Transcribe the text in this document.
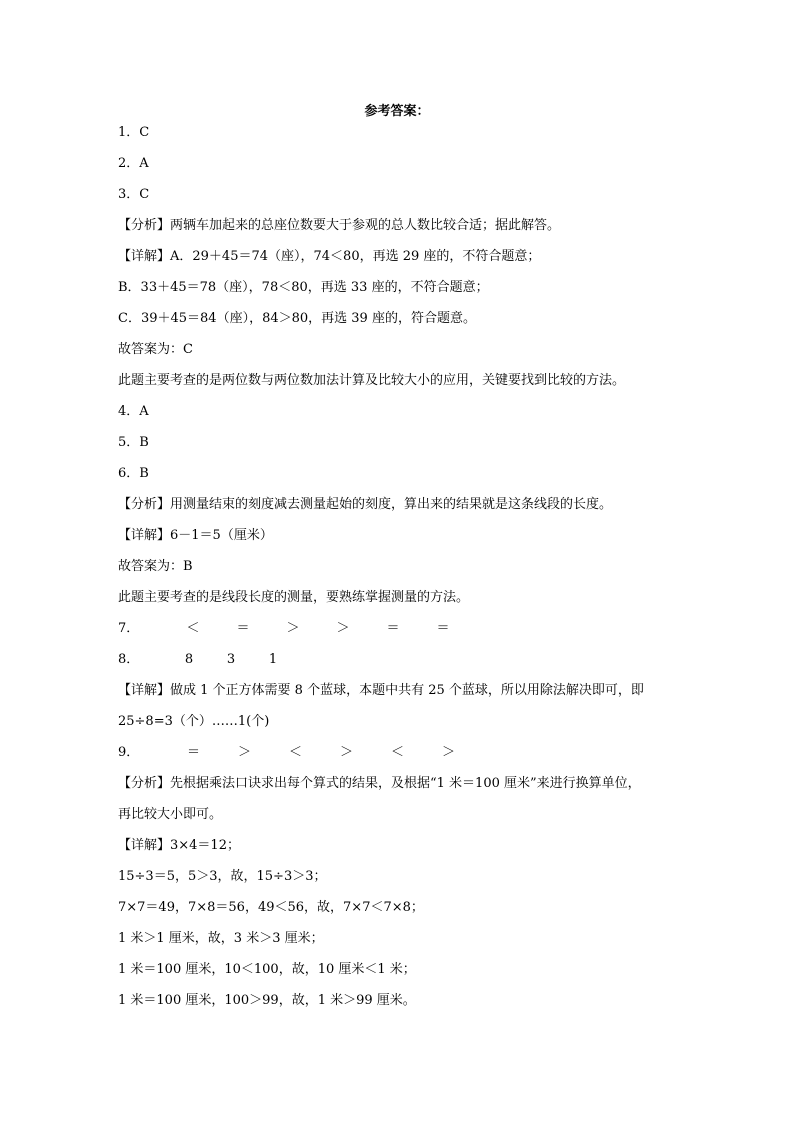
参考答案：
1．C
2．A
3．C
【分析】两辆车加起来的总座位数要大于参观的总人数比较合适；据此解答。
【详解】A．29＋45＝74（座），74＜80，再选 29 座的，不符合题意；
B．33＋45＝78（座），78＜80，再选 33 座的，不符合题意；
C．39＋45＝84（座），84＞80，再选 39 座的，符合题意。
故答案为：C
此题主要考查的是两位数与两位数加法计算及比较大小的应用，关键要找到比较的方法。
4．A
5．B
6．B
【分析】用测量结束的刻度减去测量起始的刻度，算出来的结果就是这条线段的长度。
【详解】6－1＝5（厘米）
故答案为：B
此题主要考查的是线段长度的测量，要熟练掌握测量的方法。
7．	＜	＝	＞	＞	＝	＝
8．	8	3	1
【详解】做成 1 个正方体需要 8 个蓝球，本题中共有 25 个蓝球，所以用除法解决即可，即
25÷8=3（个）……1(个)
9．	＝	＞	＜	＞	＜	＞
【分析】先根据乘法口诀求出每个算式的结果，及根据“1 米＝100 厘米”来进行换算单位，
再比较大小即可。
【详解】3×4＝12；
15÷3＝5，5＞3，故，15÷3＞3；
7×7＝49，7×8＝56，49＜56，故，7×7＜7×8；
1 米＞1 厘米，故，3 米＞3 厘米；
1 米＝100 厘米，10＜100，故，10 厘米＜1 米；
1 米＝100 厘米，100＞99，故，1 米＞99 厘米。
